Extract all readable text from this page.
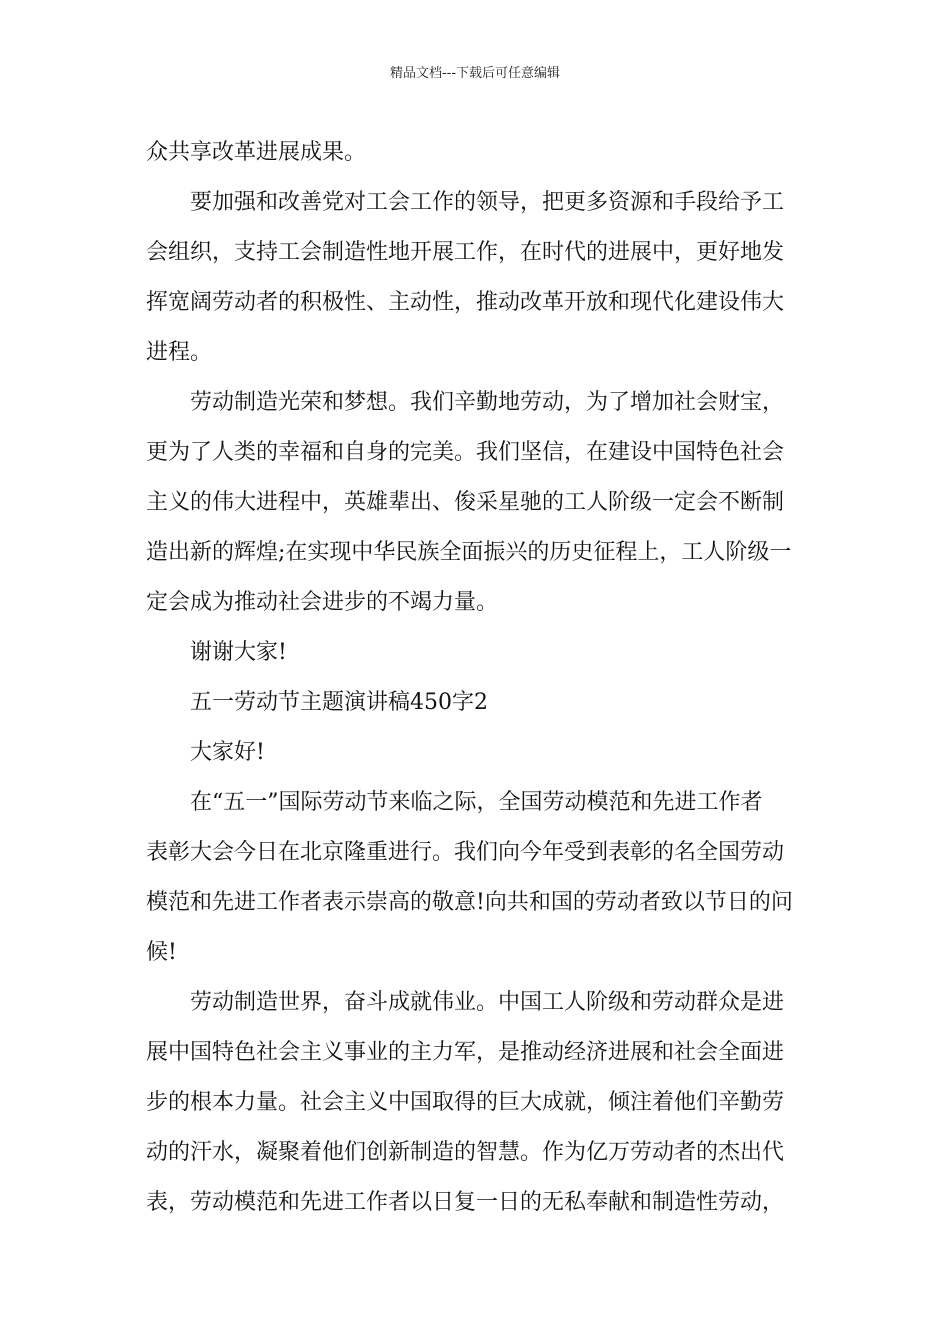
精品文档---下载后可任意编辑
众共享改革进展成果。
要加强和改善党对工会工作的领导，把更多资源和手段给予工
会组织，支持工会制造性地开展工作，在时代的进展中，更好地发
挥宽阔劳动者的积极性、主动性，推动改革开放和现代化建设伟大
进程。
劳动制造光荣和梦想。我们辛勤地劳动，为了增加社会财宝，
更为了人类的幸福和自身的完美。我们坚信，在建设中国特色社会
主义的伟大进程中，英雄辈出、俊采星驰的工人阶级一定会不断制
造出新的辉煌;在实现中华民族全面振兴的历史征程上，工人阶级一
定会成为推动社会进步的不竭力量。
谢谢大家!
五一劳动节主题演讲稿450字2
大家好!
在“五一”国际劳动节来临之际，全国劳动模范和先进工作者
表彰大会今日在北京隆重进行。我们向今年受到表彰的名全国劳动
模范和先进工作者表示崇高的敬意!向共和国的劳动者致以节日的问
候!
劳动制造世界，奋斗成就伟业。中国工人阶级和劳动群众是进
展中国特色社会主义事业的主力军，是推动经济进展和社会全面进
步的根本力量。社会主义中国取得的巨大成就，倾注着他们辛勤劳
动的汗水，凝聚着他们创新制造的智慧。作为亿万劳动者的杰出代
表，劳动模范和先进工作者以日复一日的无私奉献和制造性劳动，
